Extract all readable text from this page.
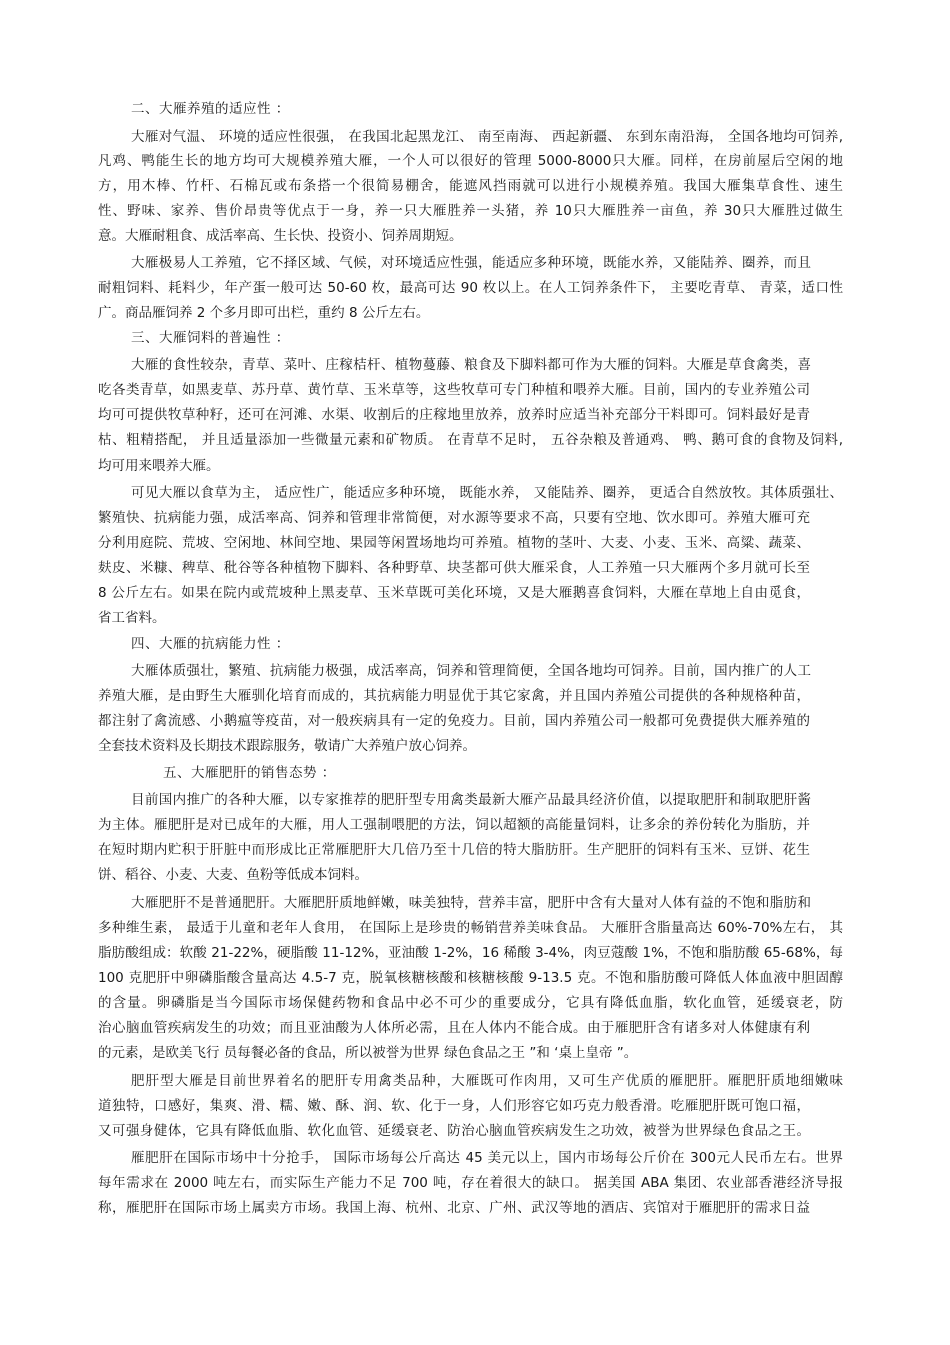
二、大雁养殖的适应性 ：

大雁对气温、 环境的适应性很强， 在我国北起黑龙江、 南至南海、 西起新疆、 东到东南沿海， 全国各地均可饲养,

凡鸡、鸭能生长的地方均可大规模养殖大雁，一个人可以很好的管理 5000-8000只大雁。同样，在房前屋后空闲的地

方，用木棒、竹杆、石棉瓦或布条搭一个很简易棚舍，能遮风挡雨就可以进行小规模养殖。我国大雁集草食性、速生

性、野味、家养、售价昂贵等优点于一身，养一只大雁胜养一头猪，养 10只大雁胜养一亩鱼，养 30只大雁胜过做生

意。大雁耐粗食、成活率高、生长快、投资小、饲养周期短。

大雁极易人工养殖，它不择区域、气候，对环境适应性强，能适应多种环境，既能水养，又能陆养、圈养，而且

耐粗饲料、耗料少，年产蛋一般可达 50-60 枚，最高可达 90 枚以上。在人工饲养条件下， 主要吃青草、 青菜，适口性

广。商品雁饲养 2 个多月即可出栏，重约 8 公斤左右。

三、大雁饲料的普遍性 ：

大雁的食性较杂，青草、菜叶、庄稼桔杆、植物蔓藤、粮食及下脚料都可作为大雁的饲料。大雁是草食禽类，喜

吃各类青草，如黑麦草、苏丹草、黄竹草、玉米草等，这些牧草可专门种植和喂养大雁。目前，国内的专业养殖公司

均可可提供牧草种籽，还可在河滩、水渠、收割后的庄稼地里放养，放养时应适当补充部分干料即可。饲料最好是青

枯、粗精搭配， 并且适量添加一些微量元素和矿物质。 在青草不足时， 五谷杂粮及普通鸡、 鸭、鹅可食的食物及饲料,

均可用来喂养大雁。

可见大雁以食草为主， 适应性广，能适应多种环境， 既能水养， 又能陆养、圈养， 更适合自然放牧。其体质强壮、

繁殖快、抗病能力强，成活率高、饲养和管理非常简便，对水源等要求不高，只要有空地、饮水即可。养殖大雁可充

分利用庭院、荒坡、空闲地、林间空地、果园等闲置场地均可养殖。植物的茎叶、大麦、小麦、玉米、高粱、蔬菜、

麸皮、米糠、稗草、秕谷等各种植物下脚料、各种野草、块茎都可供大雁采食，人工养殖一只大雁两个多月就可长至

8 公斤左右。如果在院内或荒坡种上黑麦草、玉米草既可美化环境，又是大雁鹅喜食饲料，大雁在草地上自由觅食，

省工省料。

四、大雁的抗病能力性 ：

大雁体质强壮，繁殖、抗病能力极强，成活率高，饲养和管理简便，全国各地均可饲养。目前，国内推广的人工

养殖大雁，是由野生大雁驯化培育而成的，其抗病能力明显优于其它家禽，并且国内养殖公司提供的各种规格种苗，

都注射了禽流感、小鹅瘟等疫苗，对一般疾病具有一定的免疫力。目前，国内养殖公司一般都可免费提供大雁养殖的

全套技术资料及长期技术跟踪服务，敬请广大养殖户放心饲养。

五、大雁肥肝的销售态势 ：

目前国内推广的各种大雁，以专家推荐的肥肝型专用禽类最新大雁产品最具经济价值，以提取肥肝和制取肥肝酱

为主体。雁肥肝是对已成年的大雁，用人工强制喂肥的方法，饲以超额的高能量饲料，让多余的养份转化为脂肪，并

在短时期内贮积于肝脏中而形成比正常雁肥肝大几倍乃至十几倍的特大脂肪肝。生产肥肝的饲料有玉米、豆饼、花生

饼、稻谷、小麦、大麦、鱼粉等低成本饲料。

大雁肥肝不是普通肥肝。大雁肥肝质地鲜嫩，味美独特，营养丰富，肥肝中含有大量对人体有益的不饱和脂肪和

多种维生素， 最适于儿童和老年人食用， 在国际上是珍贵的畅销营养美味食品。 大雁肝含脂量高达 60%-70%左右， 其

脂肪酸组成：软酸 21-22%，硬脂酸 11-12%，亚油酸 1-2%，16 稀酸 3-4%，肉豆蔻酸 1%，不饱和脂肪酸 65-68%，每

100 克肥肝中卵磷脂酸含量高达 4.5-7 克，脱氧核糖核酸和核糖核酸 9-13.5 克。不饱和脂肪酸可降低人体血液中胆固醇

的含量。卵磷脂是当今国际市场保健药物和食品中必不可少的重要成分，它具有降低血脂，软化血管，延缓衰老，防

治心脑血管疾病发生的功效；而且亚油酸为人体所必需，且在人体内不能合成。由于雁肥肝含有诸多对人体健康有利

的元素，是欧美飞行 员每餐必备的食品，所以被誉为世界 绿色食品之王 ”和 ‘桌上皇帝 ”。

肥肝型大雁是目前世界着名的肥肝专用禽类品种，大雁既可作肉用，又可生产优质的雁肥肝。雁肥肝质地细嫩味

道独特，口感好，集爽、滑、糯、嫩、酥、润、软、化于一身，人们形容它如巧克力般香滑。吃雁肥肝既可饱口福，

又可强身健体，它具有降低血脂、软化血管、延缓衰老、防治心脑血管疾病发生之功效，被誉为世界绿色食品之王。

雁肥肝在国际市场中十分抢手， 国际市场每公斤高达 45 美元以上，国内市场每公斤价在 300元人民币左右。世界

每年需求在 2000 吨左右，而实际生产能力不足 700 吨，存在着很大的缺口。 据美国 ABA 集团、农业部香港经济导报

称，雁肥肝在国际市场上属卖方市场。我国上海、杭州、北京、广州、武汉等地的酒店、宾馆对于雁肥肝的需求日益
